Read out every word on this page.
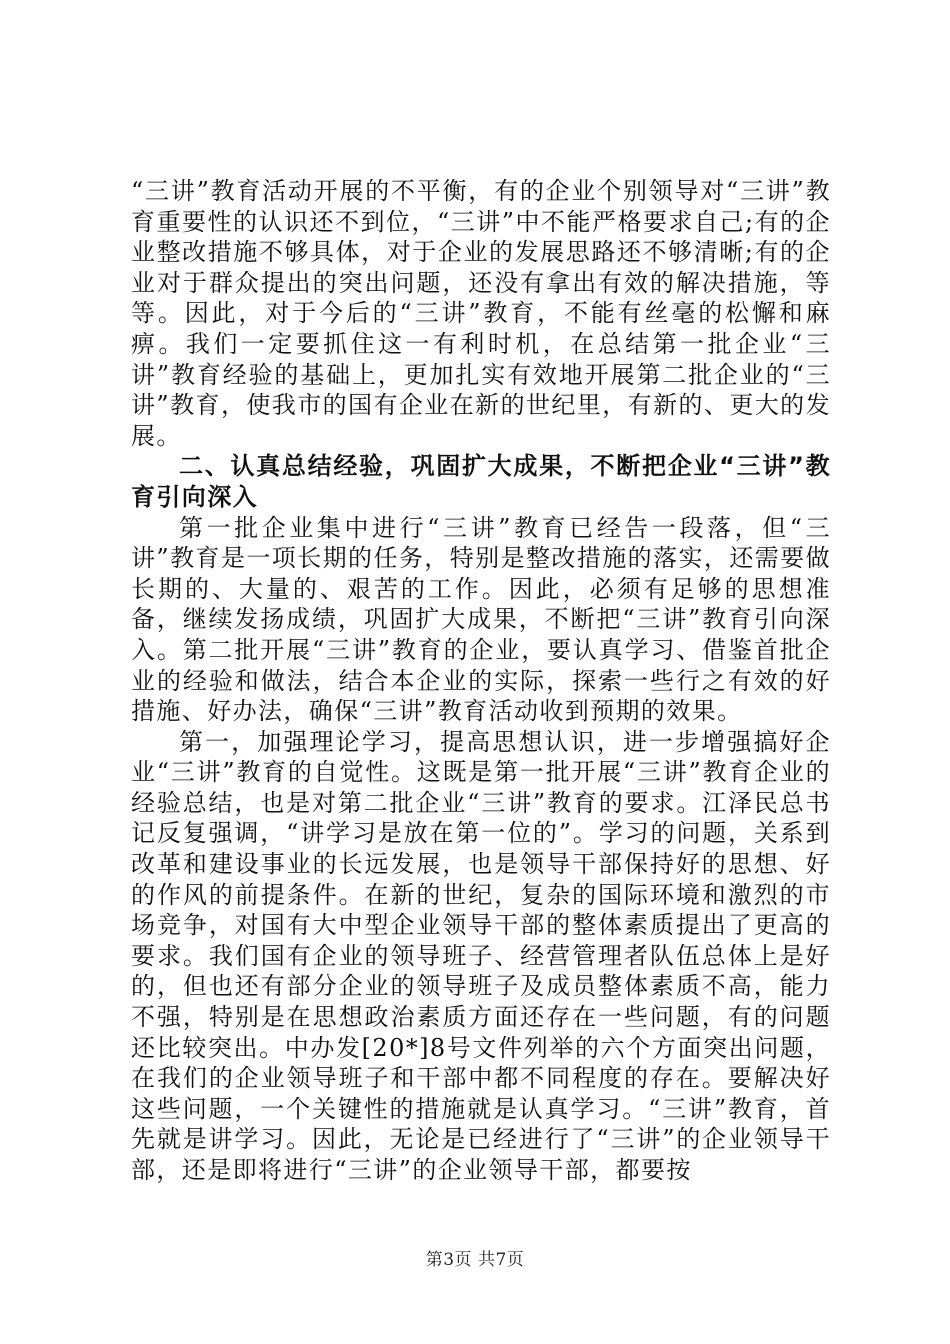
“三讲”教育活动开展的不平衡，有的企业个别领导对“三讲”教育重要性的认识还不到位，“三讲”中不能严格要求自己;有的企业整改措施不够具体，对于企业的发展思路还不够清晰;有的企业对于群众提出的突出问题，还没有拿出有效的解决措施，等等。因此，对于今后的“三讲”教育，不能有丝毫的松懈和麻痹。我们一定要抓住这一有利时机，在总结第一批企业“三讲”教育经验的基础上，更加扎实有效地开展第二批企业的“三讲”教育，使我市的国有企业在新的世纪里，有新的、更大的发展。

二、认真总结经验，巩固扩大成果，不断把企业“三讲”教育引向深入

第一批企业集中进行“三讲”教育已经告一段落，但“三讲”教育是一项长期的任务，特别是整改措施的落实，还需要做长期的、大量的、艰苦的工作。因此，必须有足够的思想准备，继续发扬成绩，巩固扩大成果，不断把“三讲”教育引向深入。第二批开展“三讲”教育的企业，要认真学习、借鉴首批企业的经验和做法，结合本企业的实际，探索一些行之有效的好措施、好办法，确保“三讲”教育活动收到预期的效果。

第一，加强理论学习，提高思想认识，进一步增强搞好企业“三讲”教育的自觉性。这既是第一批开展“三讲”教育企业的经验总结，也是对第二批企业“三讲”教育的要求。江泽民总书记反复强调，“讲学习是放在第一位的”。学习的问题，关系到改革和建设事业的长远发展，也是领导干部保持好的思想、好的作风的前提条件。在新的世纪，复杂的国际环境和激烈的市场竞争，对国有大中型企业领导干部的整体素质提出了更高的要求。我们国有企业的领导班子、经营管理者队伍总体上是好的，但也还有部分企业的领导班子及成员整体素质不高，能力不强，特别是在思想政治素质方面还存在一些问题，有的问题还比较突出。中办发[20*]8号文件列举的六个方面突出问题，在我们的企业领导班子和干部中都不同程度的存在。要解决好这些问题，一个关键性的措施就是认真学习。“三讲”教育，首先就是讲学习。因此，无论是已经进行了“三讲”的企业领导干部，还是即将进行“三讲”的企业领导干部，都要按

第3页 共7页
